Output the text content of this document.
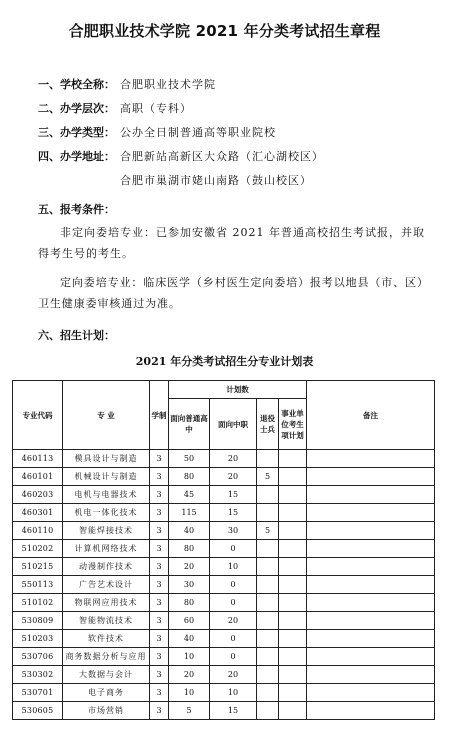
合肥职业技术学院 2021 年分类考试招生章程
一、学校全称： 合肥职业技术学院
二、办学层次： 高职（专科）
三、办学类型： 公办全日制普通高等职业院校
四、办学地址： 合肥新站高新区大众路（汇心湖校区）
合肥市巢湖市姥山南路（鼓山校区）
五、报考条件：
非定向委培专业：已参加安徽省 2021 年普通高校招生考试报，并取得考生号的考生。
定向委培专业：临床医学（乡村医生定向委培）报考以地县（市、区）卫生健康委审核通过为准。
六、招生计划：
2021 年分类考试招生分专业计划表
专业代码	专 业	学制	计划数				备注
			面向普通高中	面向中职	退役士兵	事业单位考生项计划	
460113	模具设计与制造	3	50	20			
460101	机械设计与制造	3	80	20	5		
460203	电机与电器技术	3	45	15			
460301	机电一体化技术	3	115	15			
460110	智能焊接技术	3	40	30	5		
510202	计算机网络技术	3	80	0			
510215	动漫制作技术	3	20	10			
550113	广告艺术设计	3	30	0			
510102	物联网应用技术	3	80	0			
530809	智能物流技术	3	60	20			
510203	软件技术	3	40	0			
530706	商务数据分析与应用	3	10	0			
530302	大数据与会计	3	20	20			
530701	电子商务	3	10	10			
530605	市场营销	3	5	15			
